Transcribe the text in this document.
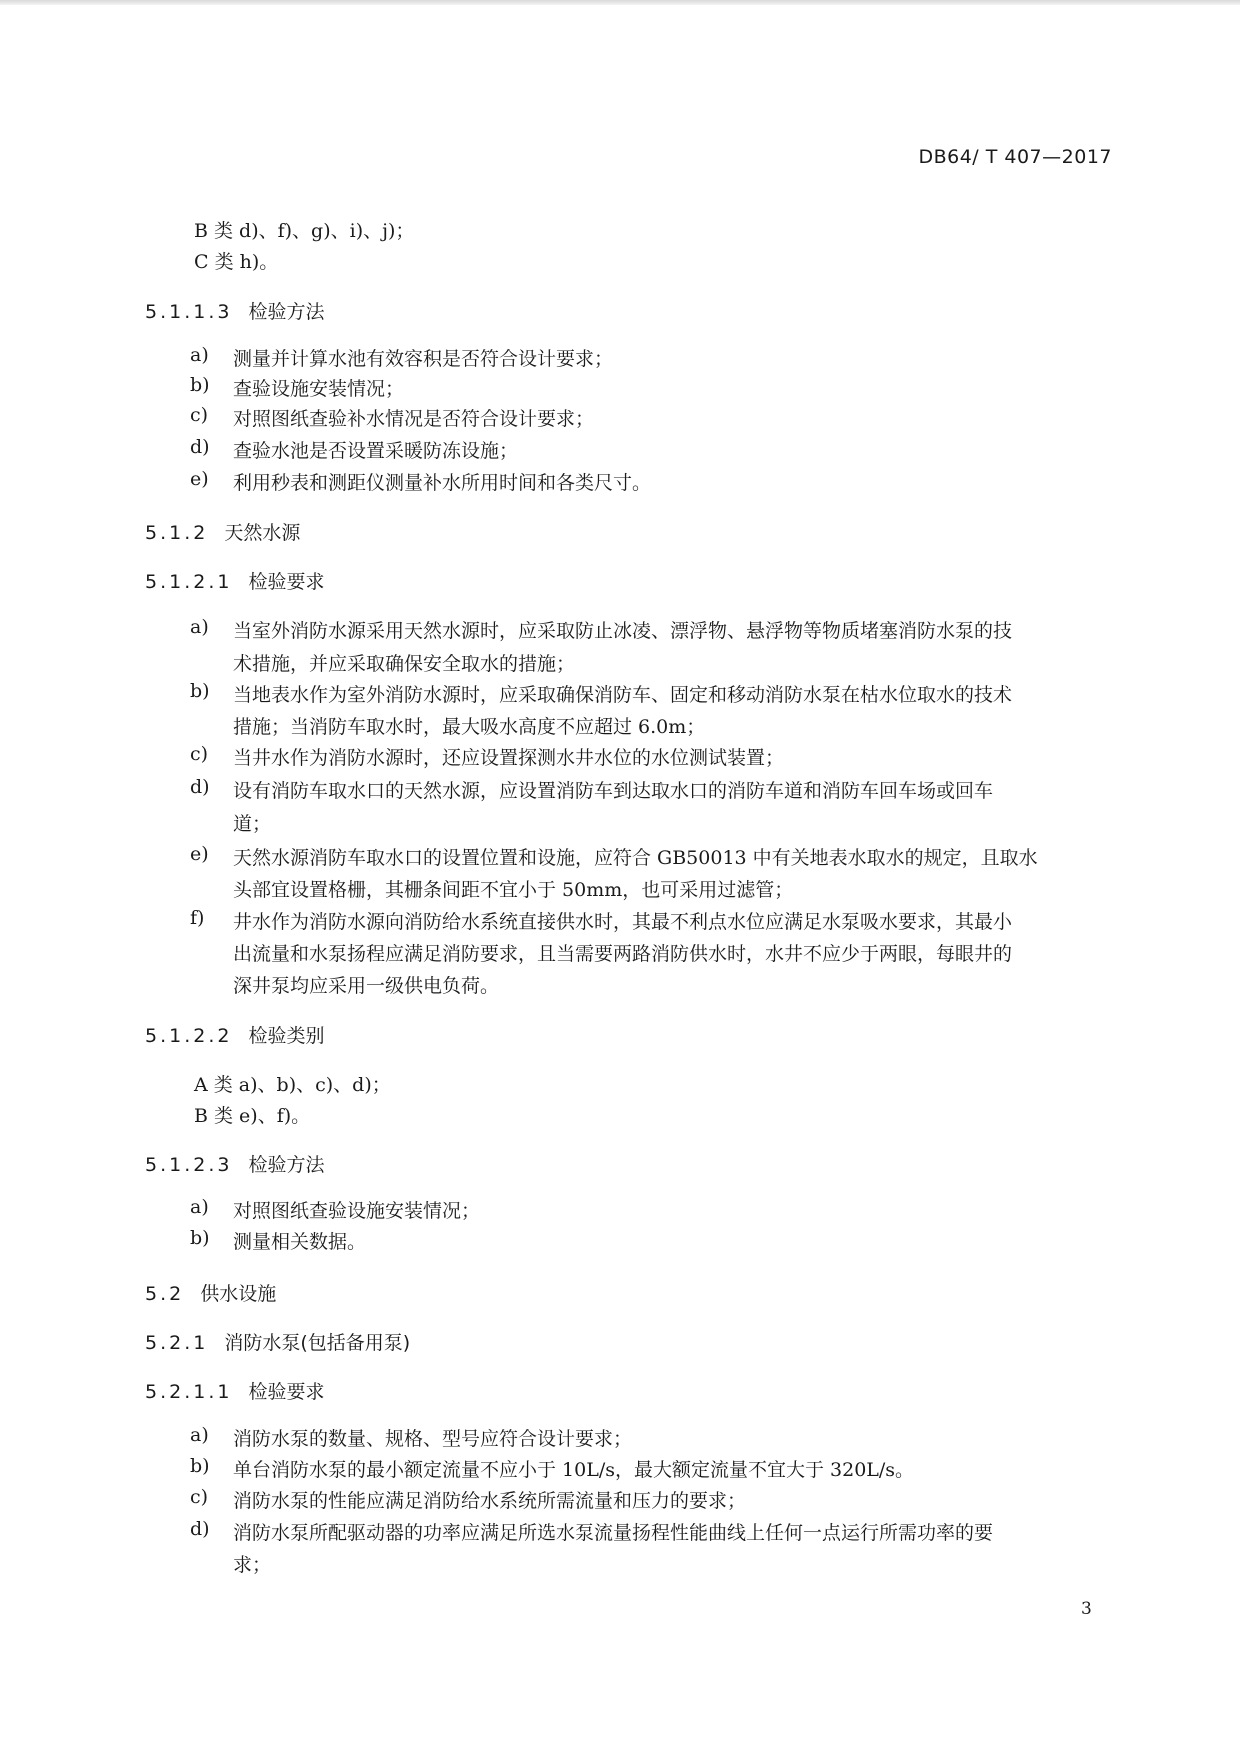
DB64/ T 407—2017
B 类 d)、f)、g)、i)、j)；
C 类 h)。
5.1.1.3 检验方法
a) 测量并计算水池有效容积是否符合设计要求；
b) 查验设施安装情况；
c) 对照图纸查验补水情况是否符合设计要求；
d) 查验水池是否设置采暖防冻设施；
e) 利用秒表和测距仪测量补水所用时间和各类尺寸。
5.1.2 天然水源
5.1.2.1 检验要求
a) 当室外消防水源采用天然水源时，应采取防止冰凌、漂浮物、悬浮物等物质堵塞消防水泵的技
术措施，并应采取确保安全取水的措施；
b) 当地表水作为室外消防水源时，应采取确保消防车、固定和移动消防水泵在枯水位取水的技术
措施；当消防车取水时，最大吸水高度不应超过 6.0m；
c) 当井水作为消防水源时，还应设置探测水井水位的水位测试装置；
d) 设有消防车取水口的天然水源，应设置消防车到达取水口的消防车道和消防车回车场或回车
道；
e) 天然水源消防车取水口的设置位置和设施，应符合 GB50013 中有关地表水取水的规定，且取水
头部宜设置格栅，其栅条间距不宜小于 50mm，也可采用过滤管；
f) 井水作为消防水源向消防给水系统直接供水时，其最不利点水位应满足水泵吸水要求，其最小
出流量和水泵扬程应满足消防要求，且当需要两路消防供水时，水井不应少于两眼，每眼井的
深井泵均应采用一级供电负荷。
5.1.2.2 检验类别
A 类 a)、b)、c)、d)；
B 类 e)、f)。
5.1.2.3 检验方法
a) 对照图纸查验设施安装情况；
b) 测量相关数据。
5.2 供水设施
5.2.1 消防水泵(包括备用泵)
5.2.1.1 检验要求
a) 消防水泵的数量、规格、型号应符合设计要求；
b) 单台消防水泵的最小额定流量不应小于 10L/s，最大额定流量不宜大于 320L/s。
c) 消防水泵的性能应满足消防给水系统所需流量和压力的要求；
d) 消防水泵所配驱动器的功率应满足所选水泵流量扬程性能曲线上任何一点运行所需功率的要
求；
3
